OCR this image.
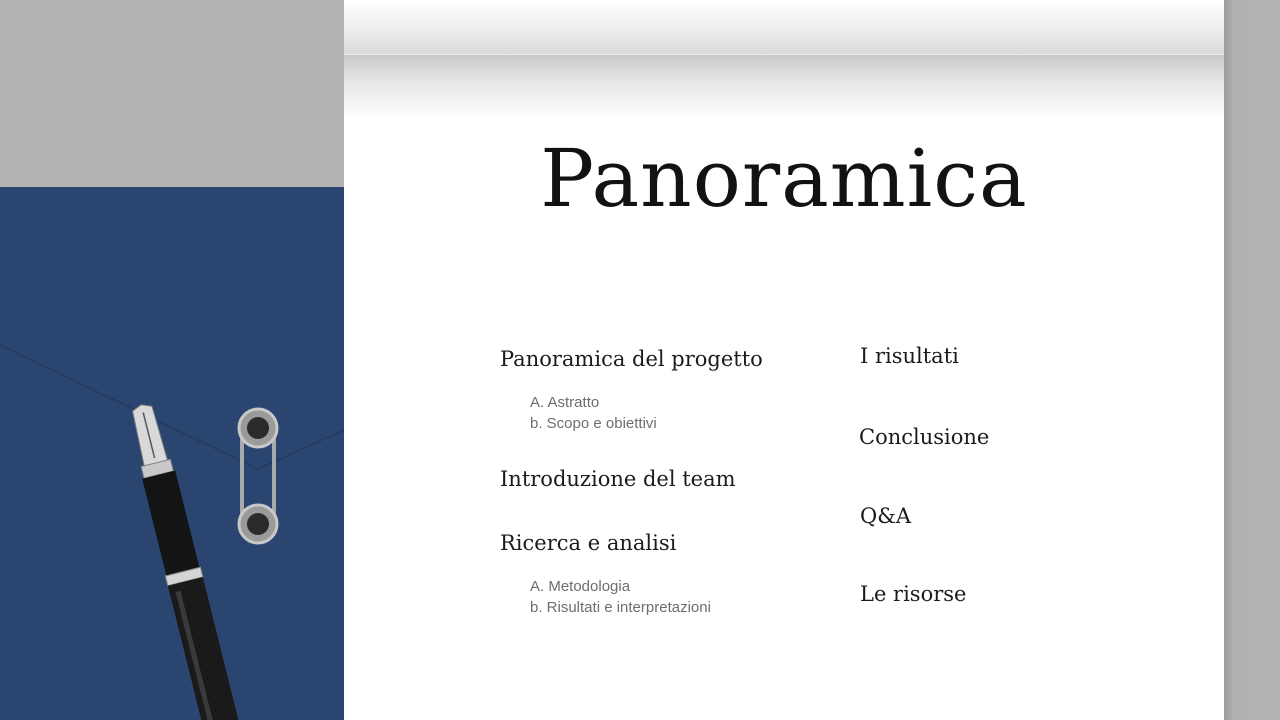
Panoramica
Panoramica del progetto
A. Astratto
b. Scopo e obiettivi
Introduzione del team
Ricerca e analisi
A. Metodologia
b. Risultati e interpretazioni
I risultati
Conclusione
Q&A
Le risorse
